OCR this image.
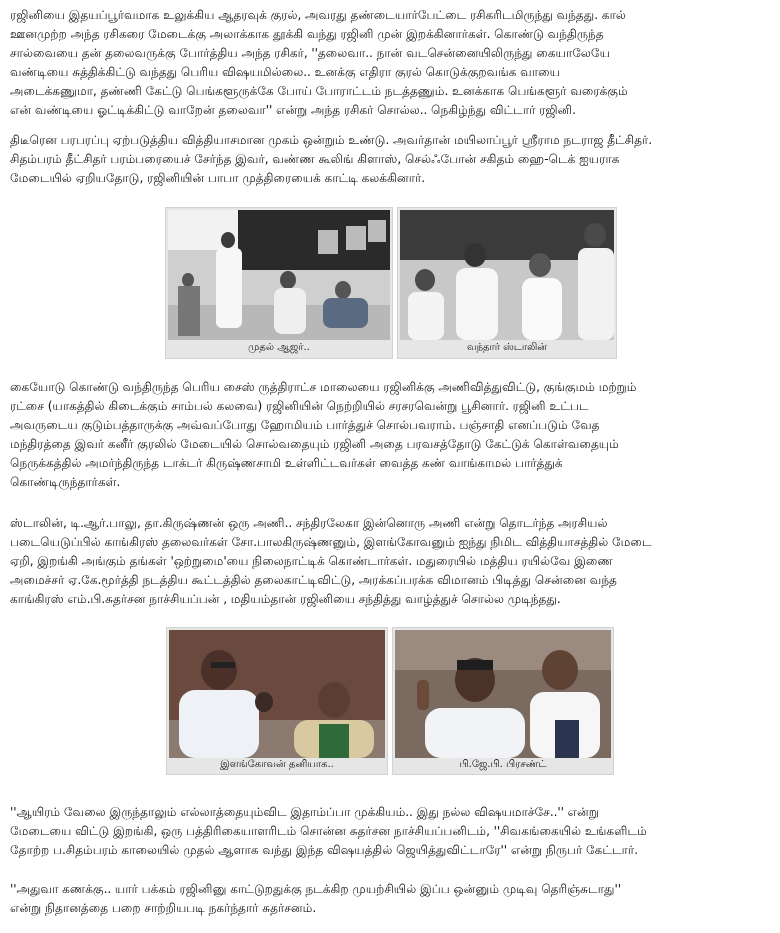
ரஜினியை இதயப்பூர்வமாக உலுக்கிய ஆதரவுக் குரல், அவரது தண்டையார்பேட்டை ரசிகரிடமிருந்து வந்தது. கால்
ஊனமுற்ற அந்த ரசிகரை மேடைக்கு அலாக்காக தூக்கி வந்து ரஜினி முன் இறக்கினார்கள். கொண்டு வந்திருந்த
சால்வையை தன் தலைவருக்கு போர்த்திய அந்த ரசிகர், ''தலைவா.. நான் வடசென்னையிலிருந்து கையாலேயே
வண்டியை சுத்திக்கிட்டு வந்தது பெரிய விஷயமில்லை.. உனக்கு எதிரா குரல் கொடுக்குறவங்க வாயை
அடைக்கணுமா, தண்ணி கேட்டு பெங்களூருக்கே போய் போராட்டம் நடத்தணும். உனக்காக பெங்களூர் வரைக்கும்
என் வண்டியை ஓட்டிக்கிட்டு வாறேன் தலைவா'' என்று அந்த ரசிகர் சொல்ல.. நெகிழ்ந்து விட்டார் ரஜினி.

திடீரென பரபரப்பு ஏற்படுத்திய வித்தியாசமான முகம் ஒன்றும் உண்டு. அவர்தான் மயிலாப்பூர் ஸ்ரீராம நடராஜ தீட்சிதர்.
சிதம்பரம் தீட்சிதர் பரம்பரையைச் சேர்ந்த இவர், வண்ண கூலிங் கிளாஸ், செல்ஃபோன் சகிதம் ஹை-டெக் ஐயராக
மேடையில் ஏறியதோடு, ரஜினியின் பாபா முத்திரையைக் காட்டி கலக்கினார்.

முதல் ஆஜர்..	வந்தார் ஸ்டாலின்

கையோடு கொண்டு வந்திருந்த பெரிய சைஸ் ருத்திராட்ச மாலையை ரஜினிக்கு அணிவித்துவிட்டு, குங்குமம் மற்றும்
ரட்சை (யாகத்தில் கிடைக்கும் சாம்பல் கலவை) ரஜினியின் நெற்றியில் சரசரவென்று பூசினார். ரஜினி உட்பட
அவருடைய குடும்பத்தாருக்கு அவ்வப்போது ஹோமியம் பார்த்துச் சொல்பவராம். பஞ்சாதி எனப்படும் வேத
மந்திரத்தை இவர் கனீர் குரலில் மேடையில் சொல்வதையும் ரஜினி அதை பரவசத்தோடு கேட்டுக் கொள்வதையும்
நெருக்கத்தில் அமர்ந்திருந்த டாக்டர் கிருஷ்ணசாமி உள்ளிட்டவர்கள் வைத்த கண் வாங்காமல் பார்த்துக்
கொண்டிருந்தார்கள்.

ஸ்டாலின், டி.ஆர்.பாலு, தா.கிருஷ்ணன் ஒரு அணி.. சந்திரலேகா இன்னொரு அணி என்று தொடர்ந்த அரசியல்
படையெடுப்பில் காங்கிரஸ் தலைவர்கள் சோ.பாலகிருஷ்ணனும், இளங்கோவனும் ஐந்து நிமிட வித்தியாசத்தில் மேடை
ஏறி, இறங்கி அங்கும் தங்கள் 'ஒற்றுமை'யை நிலைநாட்டிக் கொண்டார்கள். மதுரையில் மத்திய ரயில்வே இணை
அமைச்சர் ஏ.கே.மூர்த்தி நடத்திய கூட்டத்தில் தலைகாட்டிவிட்டு, அரக்கப்பரக்க விமானம் பிடித்து சென்னை வந்த
காங்கிரஸ் எம்.பி.சுதர்சன நாச்சியப்பன் , மதியம்தான் ரஜினியை சந்தித்து வாழ்த்துச் சொல்ல முடிந்தது.

இளங்கோவன் தனியாக..	பி.ஜே.பி. பிரசண்ட்

''ஆயிரம் வேலை இருந்தாலும் எல்லாத்தையும்விட இதாம்ப்பா முக்கியம்.. இது நல்ல விஷயமாச்சே..'' என்று
மேடையை விட்டு இறங்கி, ஒரு பத்திரிகையாளரிடம் சொன்ன சுதர்சன நாச்சியப்பனிடம், ''சிவகங்கையில் உங்களிடம்
தோற்ற ப.சிதம்பரம் காலையில் முதல் ஆளாக வந்து இந்த விஷயத்தில் ஜெயித்துவிட்டாரே'' என்று நிருபர் கேட்டார்.

''அதுவா கணக்கு.. யார் பக்கம் ரஜினினு காட்டுறதுக்கு நடக்கிற முயற்சியில் இப்ப ஒன்னும் முடிவு தெரிஞ்சுடாது''
என்று நிதானத்தை பறை சாற்றியபடி நகர்ந்தார் சுதர்சனம்.
